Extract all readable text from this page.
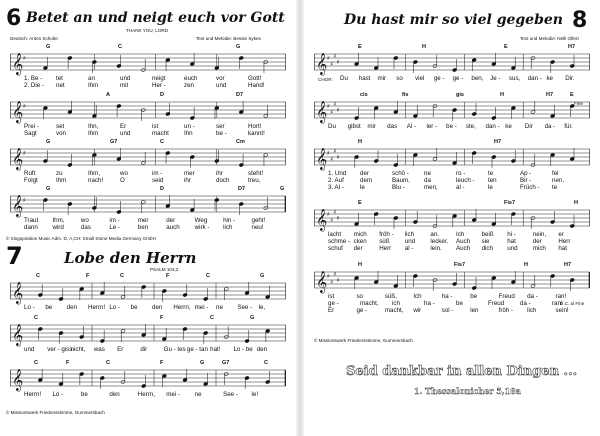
6 Betet an und neigt euch vor Gott
THANK YOU, LORD
Deutsch: Anton Schulte	Text und Melodie: Bessie Sykes
G	C	G
𝄞 ♯
1. Be - tet	an	und	neigt	euch	vor	Gott!
2. Die - net	Ihm	mit	Her -	zen	und	Hand!
A	D	D7
𝄞 ♯
Prei -	set	Ihn,	Er	ist	un -	ser	Hort!
Sagt	von	Ihm	und	macht Ihn	be -	kannt!
G	G7	C	Cm
𝄞 ♯
Ruft	zu	Ihm,	wo	im -	mer	ihr	steht!
Folgt	Ihm	nach!	O	seid	ihr	doch	treu,
G	D	D7	G
𝄞 ♯
Traut Ihm,	wo	im -	mer	der	Weg	hin -	geht!
dann wird	das	Le -	ben	auch wirk - lich	neu!
© Singspiration Music Adm. D, A,CH: Small Stone Media Germany GmbH
7	Lobe den Herrn
PSALM 103,2
C	F	C	F	C	G
𝄞
Lo - be den Herrn! Lo - be den Herrn, mei - ne See - le,
C	F	C	G
𝄞
und ver - giss
nicht, was Er	dir	Gu - tes ge - tan hat! Lo - be den
C	F	C	F	G	G7	C
𝄞
Herrn! Lo -	be	den	Herrn, mei - ne	See - le!
© Missionswerk Friedensstimme, Gummersbach
Du hast mir so viel gegeben 8
Text und Melodie: Nelli Olfert
E	H	E	H7
𝄞 ♯
♯
♯
♯
Du hast mir so viel ge - ge - ben, Je - sus, dan - ke Dir.
cis	fis	gis	H	H7	E
𝄞 ♯
♯
♯
♯
Du gibst mir das Al - ler - be - ste, dan - ke Dir da - für.
H	H7
𝄞 ♯
♯
♯
♯
1. Und der	schö - ne	ro -	te	Ap -	fel
2. Auf	dem	Baum, da	leuch - ten	Bir -	nen,
3. Al -	le	Blu -	men,	al -	le	Früch - te
E	Fis7	H
𝄞 ♯
♯
♯
♯
lacht mich fröh - lich	an.	Ich	beiß hi -	nein, er
schme - cken süß und lecker. Auch sie	hat	der	Herr
schuf der	Herr al -	lein. Auch dich und mich hat
H	Fis7	H	H7
𝄞 ♯
♯
♯
♯
ist	so	süß,	Ich	ha -	be	Freud da -	ran!
ge -	macht, ich	ha -	be	Freud	da -	ran!
Er	ge -	macht, wir	sol -	len	fröh - lich	sein!
CHOR:
Fine
D.C. al Fine
© Missionswerk Friedensstimme, Gummersbach
Seid dankbar in allen Dingen ...
1. Thessalonicher 5,18a
